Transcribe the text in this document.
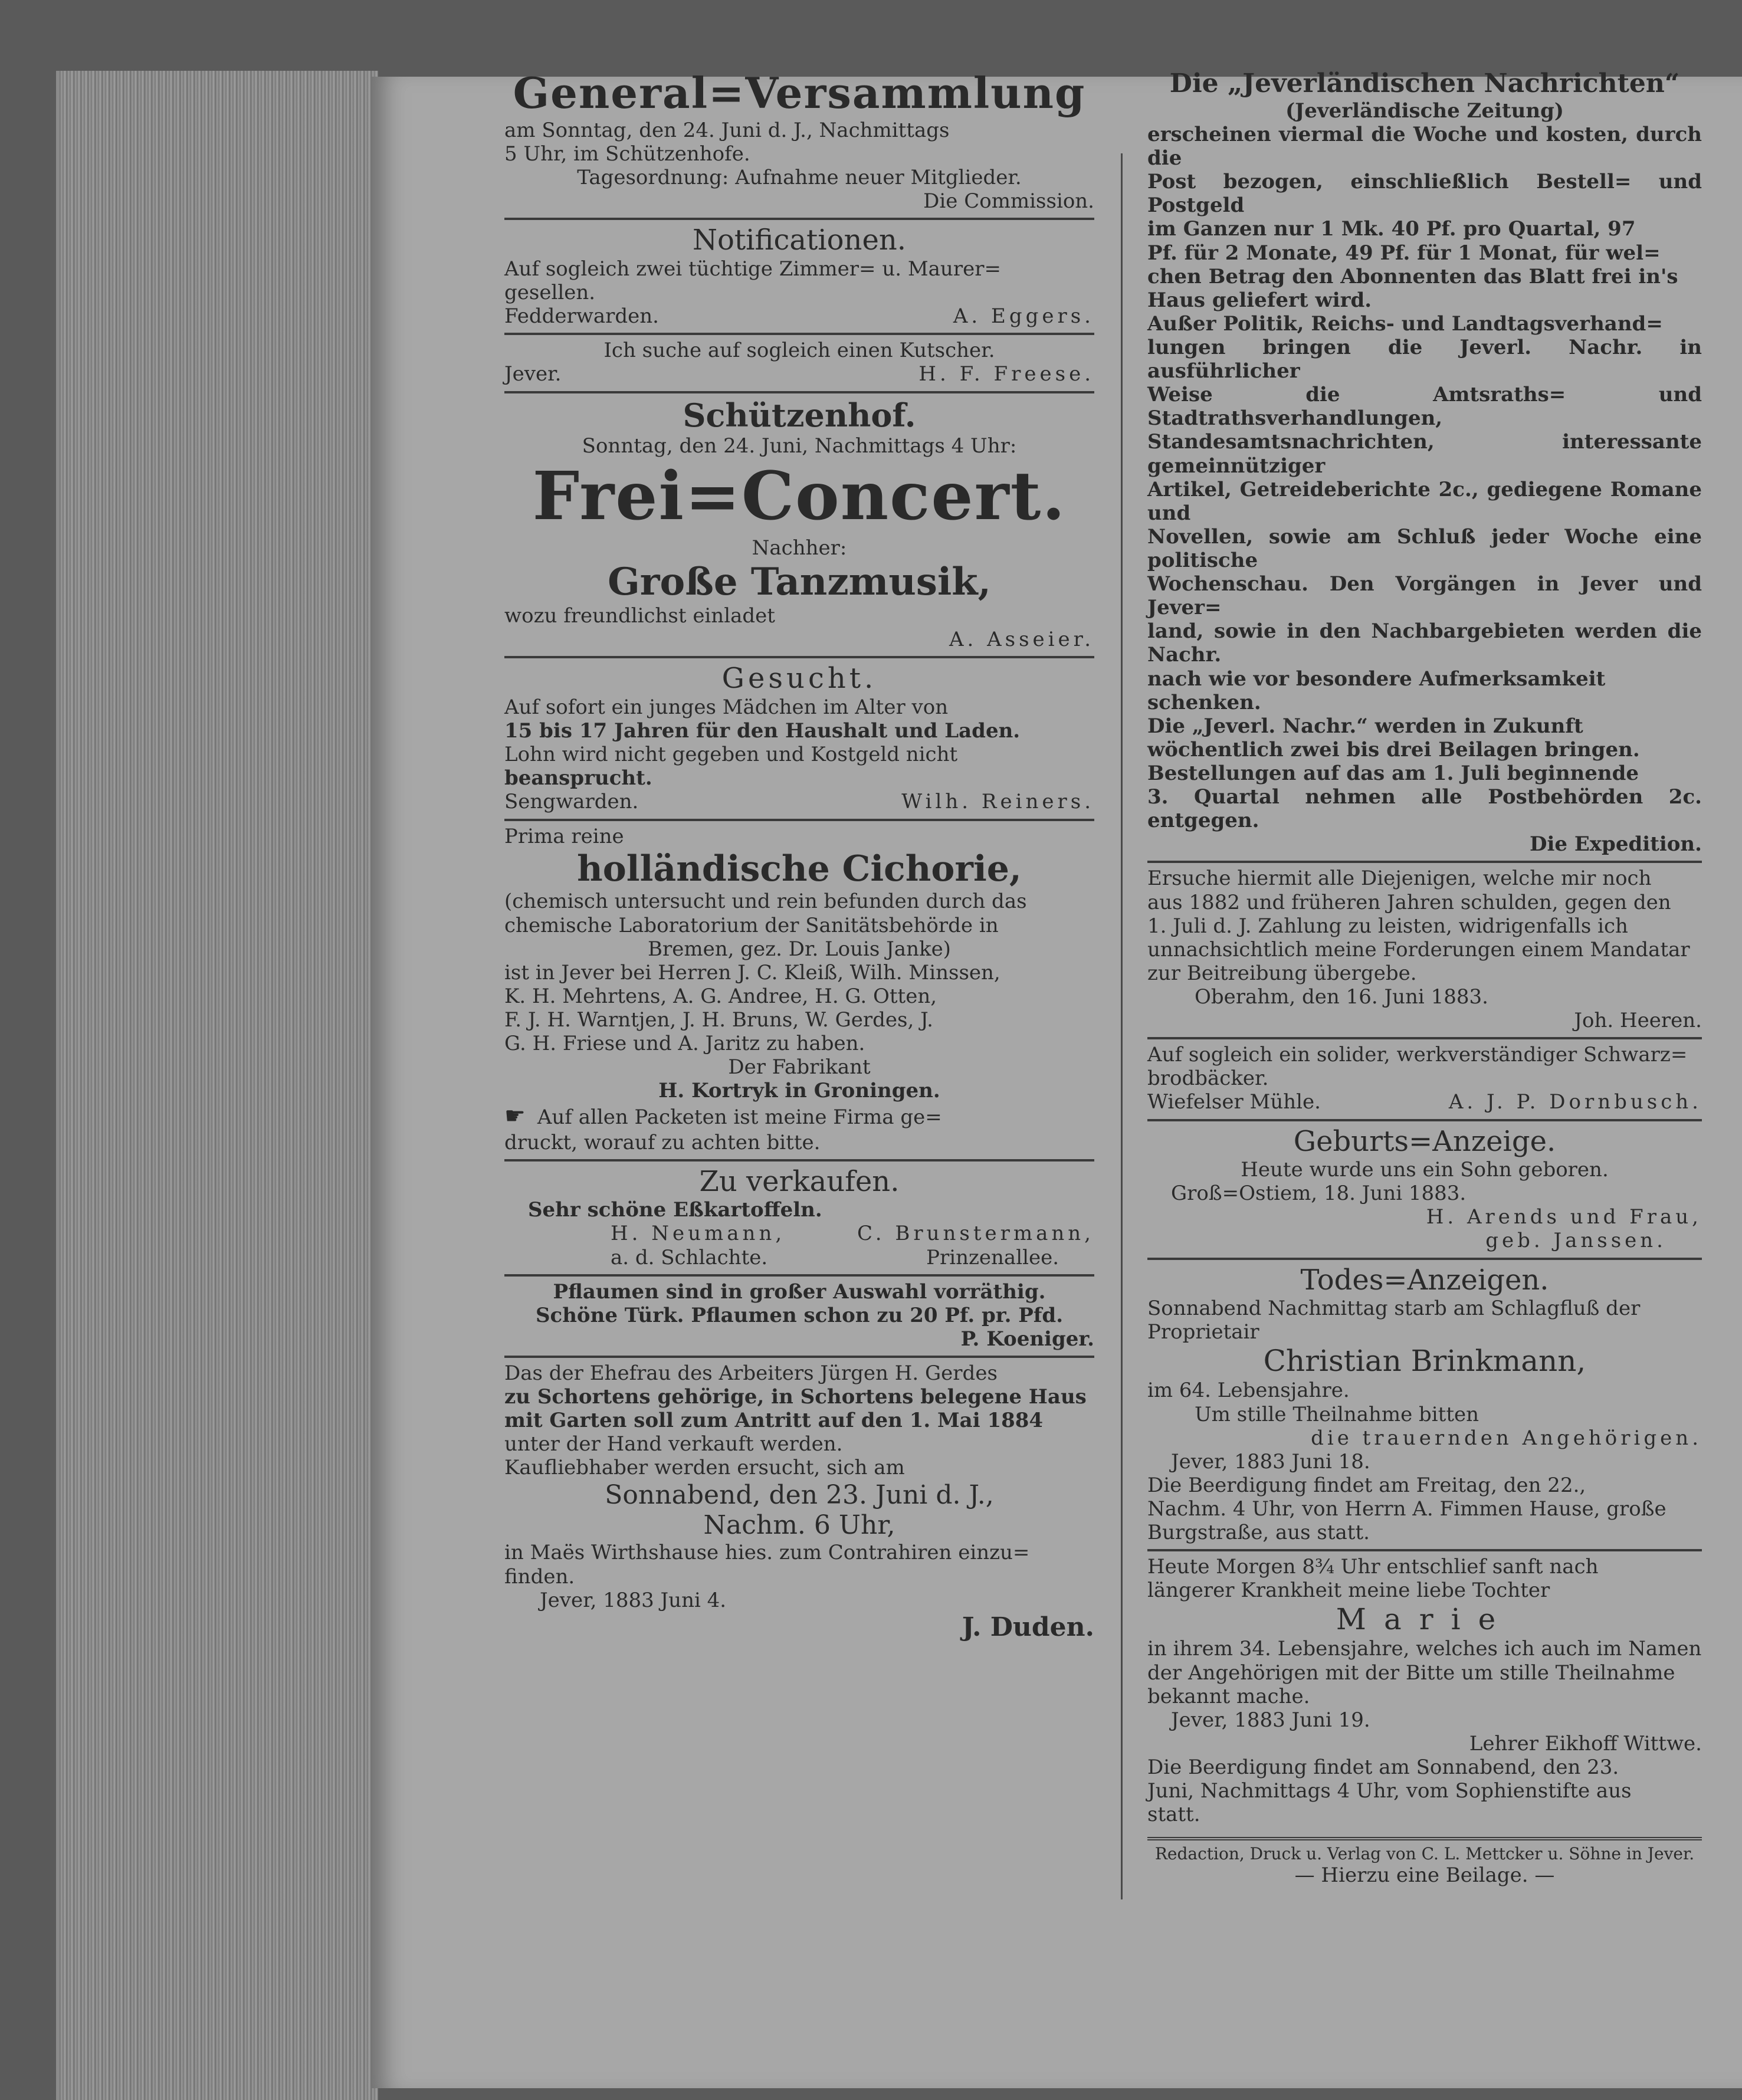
General=Versammlung

am Sonntag, den 24. Juni d. J., Nachmittags

5 Uhr, im Schützenhofe.

Tagesordnung: Aufnahme neuer Mitglieder.

Die Commission.

Notificationen.

Auf sogleich zwei tüchtige Zimmer= u. Maurer=

gesellen.

Fedderwarden.	A. Eggers.

Ich suche auf sogleich einen Kutscher.

Jever.	H. F. Freese.

Schützenhof.

Sonntag, den 24. Juni, Nachmittags 4 Uhr:

Frei=Concert.

Nachher:

Große Tanzmusik,

wozu freundlichst einladet

A. Asseier.

Gesucht.

Auf sofort ein junges Mädchen im Alter von

15 bis 17 Jahren für den Haushalt und Laden.

Lohn wird nicht gegeben und Kostgeld nicht

beansprucht.

Sengwarden.	Wilh. Reiners.

Prima reine

holländische Cichorie,

(chemisch untersucht und rein befunden durch das

chemische Laboratorium der Sanitätsbehörde in

Bremen, gez. Dr. Louis Janke)

ist in Jever bei Herren J. C. Kleiß, Wilh. Minssen,

K. H. Mehrtens, A. G. Andree, H. G. Otten,

F. J. H. Warntjen, J. H. Bruns, W. Gerdes, J.

G. H. Friese und A. Jaritz zu haben.

Der Fabrikant

H. Kortryk in Groningen.

☛ Auf allen Packeten ist meine Firma ge=

druckt, worauf zu achten bitte.

Zu verkaufen.

Sehr schöne Eßkartoffeln.

H. Neumann,	C. Brunstermann,
a. d. Schlachte.	Prinzenallee.

Pflaumen sind in großer Auswahl vorräthig.

Schöne Türk. Pflaumen schon zu 20 Pf. pr. Pfd.

P. Koeniger.

Das der Ehefrau des Arbeiters Jürgen H. Gerdes

zu Schortens gehörige, in Schortens belegene Haus

mit Garten soll zum Antritt auf den 1. Mai 1884

unter der Hand verkauft werden.

Kaufliebhaber werden ersucht, sich am

Sonnabend, den 23. Juni d. J.,

Nachm. 6 Uhr,

in Maës Wirthshause hies. zum Contrahiren einzu=

finden.

Jever, 1883 Juni 4.

J. Duden.

Die „Jeverländischen Nachrichten“

(Jeverländische Zeitung)

erscheinen viermal die Woche und kosten, durch die

Post bezogen, einschließlich Bestell= und Postgeld

im Ganzen nur 1 Mk. 40 Pf. pro Quartal, 97

Pf. für 2 Monate, 49 Pf. für 1 Monat, für wel=

chen Betrag den Abonnenten das Blatt frei in's

Haus geliefert wird.

Außer Politik, Reichs- und Landtagsverhand=

lungen bringen die Jeverl. Nachr. in ausführlicher

Weise die Amtsraths= und Stadtrathsverhandlungen,

Standesamtsnachrichten, interessante gemeinnütziger

Artikel, Getreideberichte 2c., gediegene Romane und

Novellen, sowie am Schluß jeder Woche eine politische

Wochenschau. Den Vorgängen in Jever und Jever=

land, sowie in den Nachbargebieten werden die Nachr.

nach wie vor besondere Aufmerksamkeit schenken.

Die „Jeverl. Nachr.“ werden in Zukunft

wöchentlich zwei bis drei Beilagen bringen.

Bestellungen auf das am 1. Juli beginnende

3. Quartal nehmen alle Postbehörden 2c. entgegen.

Die Expedition.

Ersuche hiermit alle Diejenigen, welche mir noch

aus 1882 und früheren Jahren schulden, gegen den

1. Juli d. J. Zahlung zu leisten, widrigenfalls ich

unnachsichtlich meine Forderungen einem Mandatar

zur Beitreibung übergebe.

Oberahm, den 16. Juni 1883.

Joh. Heeren.

Auf sogleich ein solider, werkverständiger Schwarz=

brodbäcker.

Wiefelser Mühle.	A. J. P. Dornbusch.

Geburts=Anzeige.

Heute wurde uns ein Sohn geboren.

Groß=Ostiem, 18. Juni 1883.

H. Arends und Frau,

geb. Janssen.

Todes=Anzeigen.

Sonnabend Nachmittag starb am Schlagfluß der

Proprietair

Christian Brinkmann,

im 64. Lebensjahre.

Um stille Theilnahme bitten

die trauernden Angehörigen.

Jever, 1883 Juni 18.

Die Beerdigung findet am Freitag, den 22.,

Nachm. 4 Uhr, von Herrn A. Fimmen Hause, große

Burgstraße, aus statt.

Heute Morgen 8¾ Uhr entschlief sanft nach

längerer Krankheit meine liebe Tochter

Marie

in ihrem 34. Lebensjahre, welches ich auch im Namen

der Angehörigen mit der Bitte um stille Theilnahme

bekannt mache.

Jever, 1883 Juni 19.

Lehrer Eikhoff Wittwe.

Die Beerdigung findet am Sonnabend, den 23.

Juni, Nachmittags 4 Uhr, vom Sophienstifte aus

statt.

Redaction, Druck u. Verlag von C. L. Mettcker u. Söhne in Jever.

— Hierzu eine Beilage. —
